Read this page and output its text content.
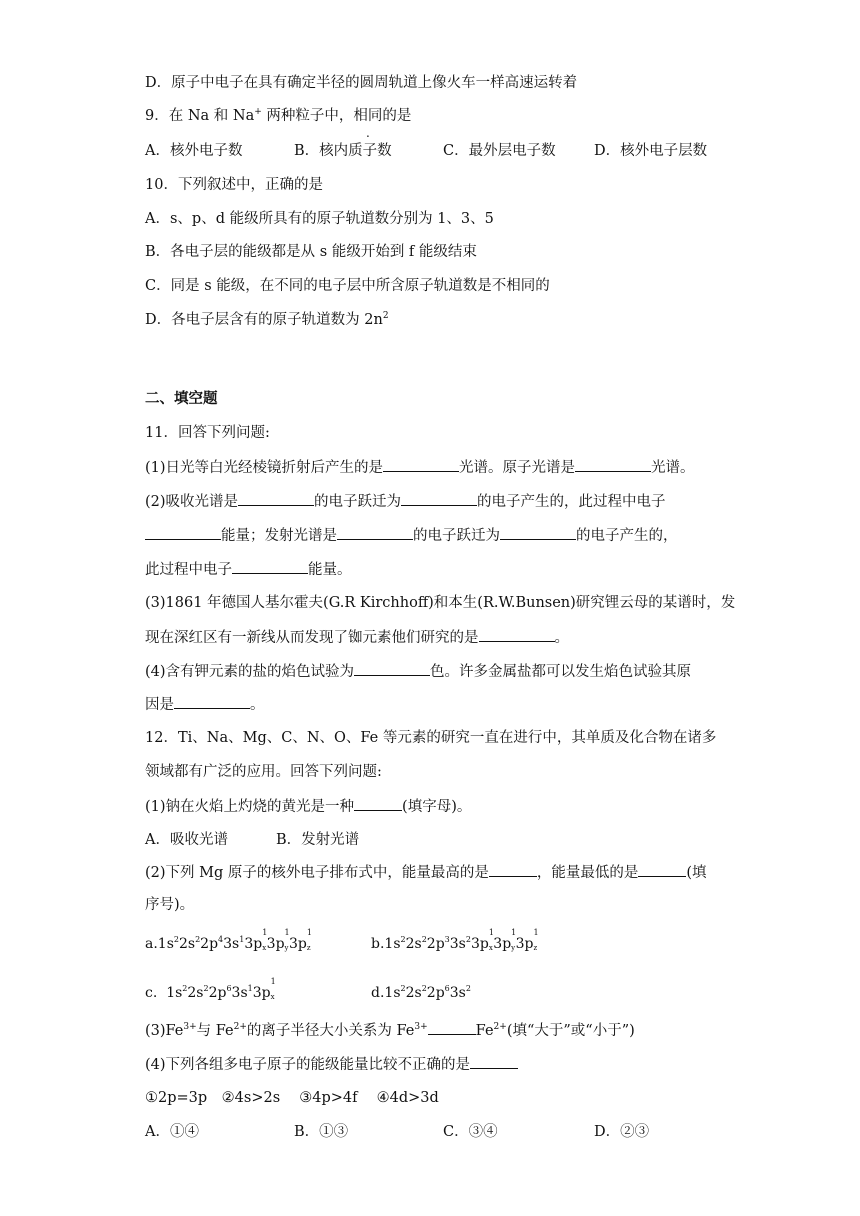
D．原子中电子在具有确定半径的圆周轨道上像火车一样高速运转着
9．在 Na 和 Na+ 两种粒子中，相同的是
A．核外电子数	B．核内质子数	C．最外层电子数	D．核外电子层数
10．下列叙述中，正确的是
A．s、p、d 能级所具有的原子轨道数分别为 1、3、5
B．各电子层的能级都是从 s 能级开始到 f 能级结束
C．同是 s 能级，在不同的电子层中所含原子轨道数是不相同的
D．各电子层含有的原子轨道数为 $2n^2$
二、填空题
11．回答下列问题:
(1)日光等白光经棱镜折射后产生的是	光谱。原子光谱是	光谱。
(2)吸收光谱是	的电子跃迁为	的电子产生的，此过程中电子
能量；发射光谱是	的电子跃迁为	的电子产生的，
此过程中电子	能量。
(3)1861 年德国人基尔霍夫(G.R Kirchhoff)和本生(R.W.Bunsen)研究锂云母的某谱时，发
现在深红区有一新线从而发现了铷元素他们研究的是	。
(4)含有钾元素的盐的焰色试验为	色。许多金属盐都可以发生焰色试验其原
因是	。
12．Ti、Na、Mg、C、N、O、Fe 等元素的研究一直在进行中，其单质及化合物在诸多
领域都有广泛的应用。回答下列问题:
(1)钠在火焰上灼烧的黄光是一种	(填字母)。
A．吸收光谱	B．发射光谱
(2)下列 Mg 原子的核外电子排布式中，能量最高的是	，能量最低的是	(填
序号)。
$a.1s^22s^22p^43s^13p$
1
x 3p
1
y 3p
1
z
	$b.1s^22s^22p^33s^23p$
1
x 3p
1
y 3p
1
z

c.  $1s^22s^22p^63s^13p$
1
x
	$d.1s^22s^22p^63s^2$
$(3)Fe^{3+}$与 $Fe^{2+}$的离子半径大小关系为 $Fe^{3+}$	$Fe^{2+}$(填“大于”或“小于”)
(4)下列各组多电子原子的能级能量比较不正确的是
①2p=3p　②4s>2s　 ③4p>4f　 ④4d>3d
A．①④	B．①③	C．③④	D．②③
